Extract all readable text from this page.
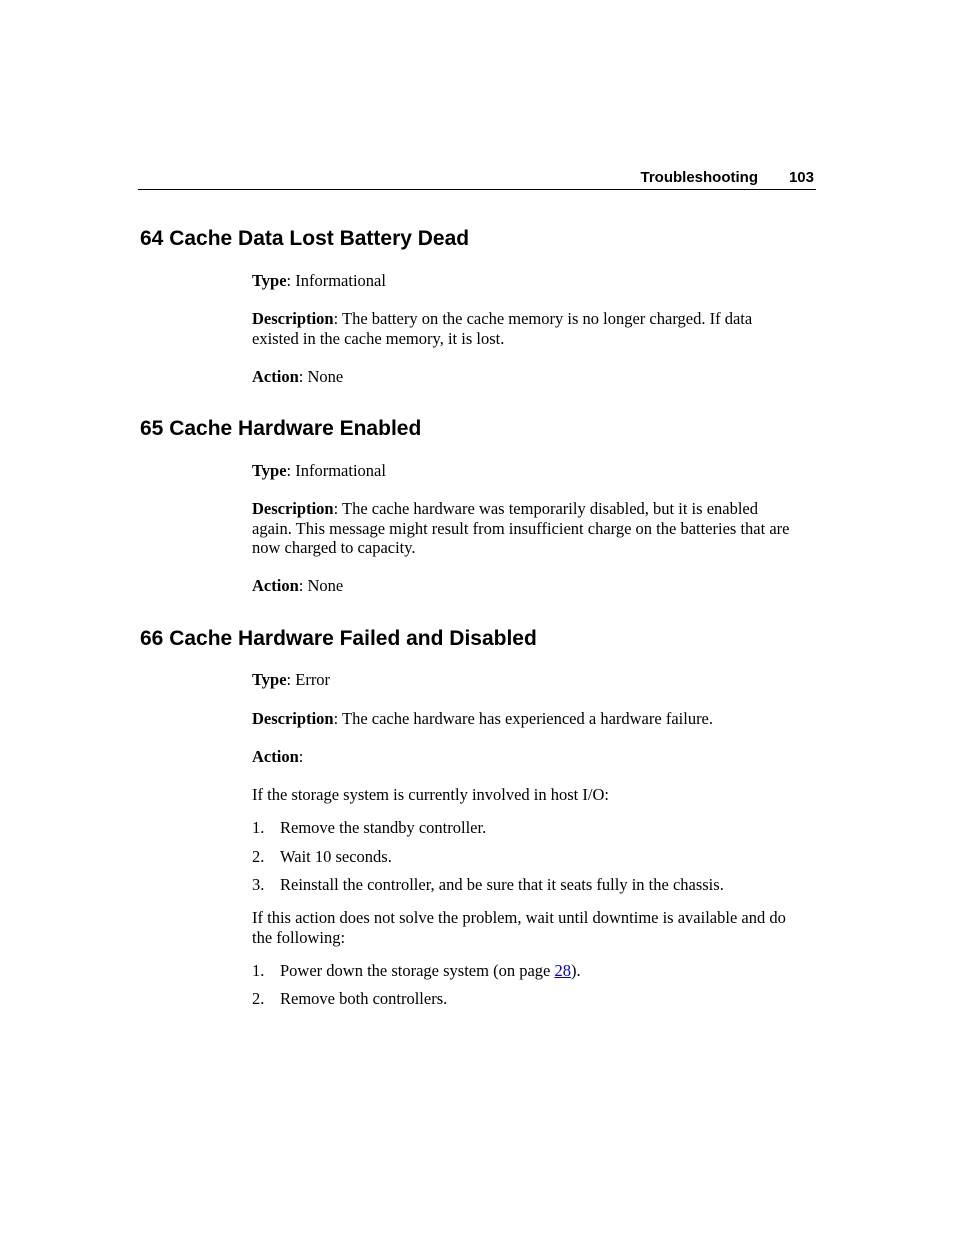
Troubleshooting 103
64 Cache Data Lost Battery Dead

Type: Informational

Description: The battery on the cache memory is no longer charged. If data
existed in the cache memory, it is lost.

Action: None

65 Cache Hardware Enabled

Type: Informational

Description: The cache hardware was temporarily disabled, but it is enabled
again. This message might result from insufficient charge on the batteries that are
now charged to capacity.

Action: None

66 Cache Hardware Failed and Disabled

Type: Error

Description: The cache hardware has experienced a hardware failure.

Action:

If the storage system is currently involved in host I/O:

1. Remove the standby controller.
2. Wait 10 seconds.
3. Reinstall the controller, and be sure that it seats fully in the chassis.

If this action does not solve the problem, wait until downtime is available and do
the following:

1. Power down the storage system (on page 28).
2. Remove both controllers.
